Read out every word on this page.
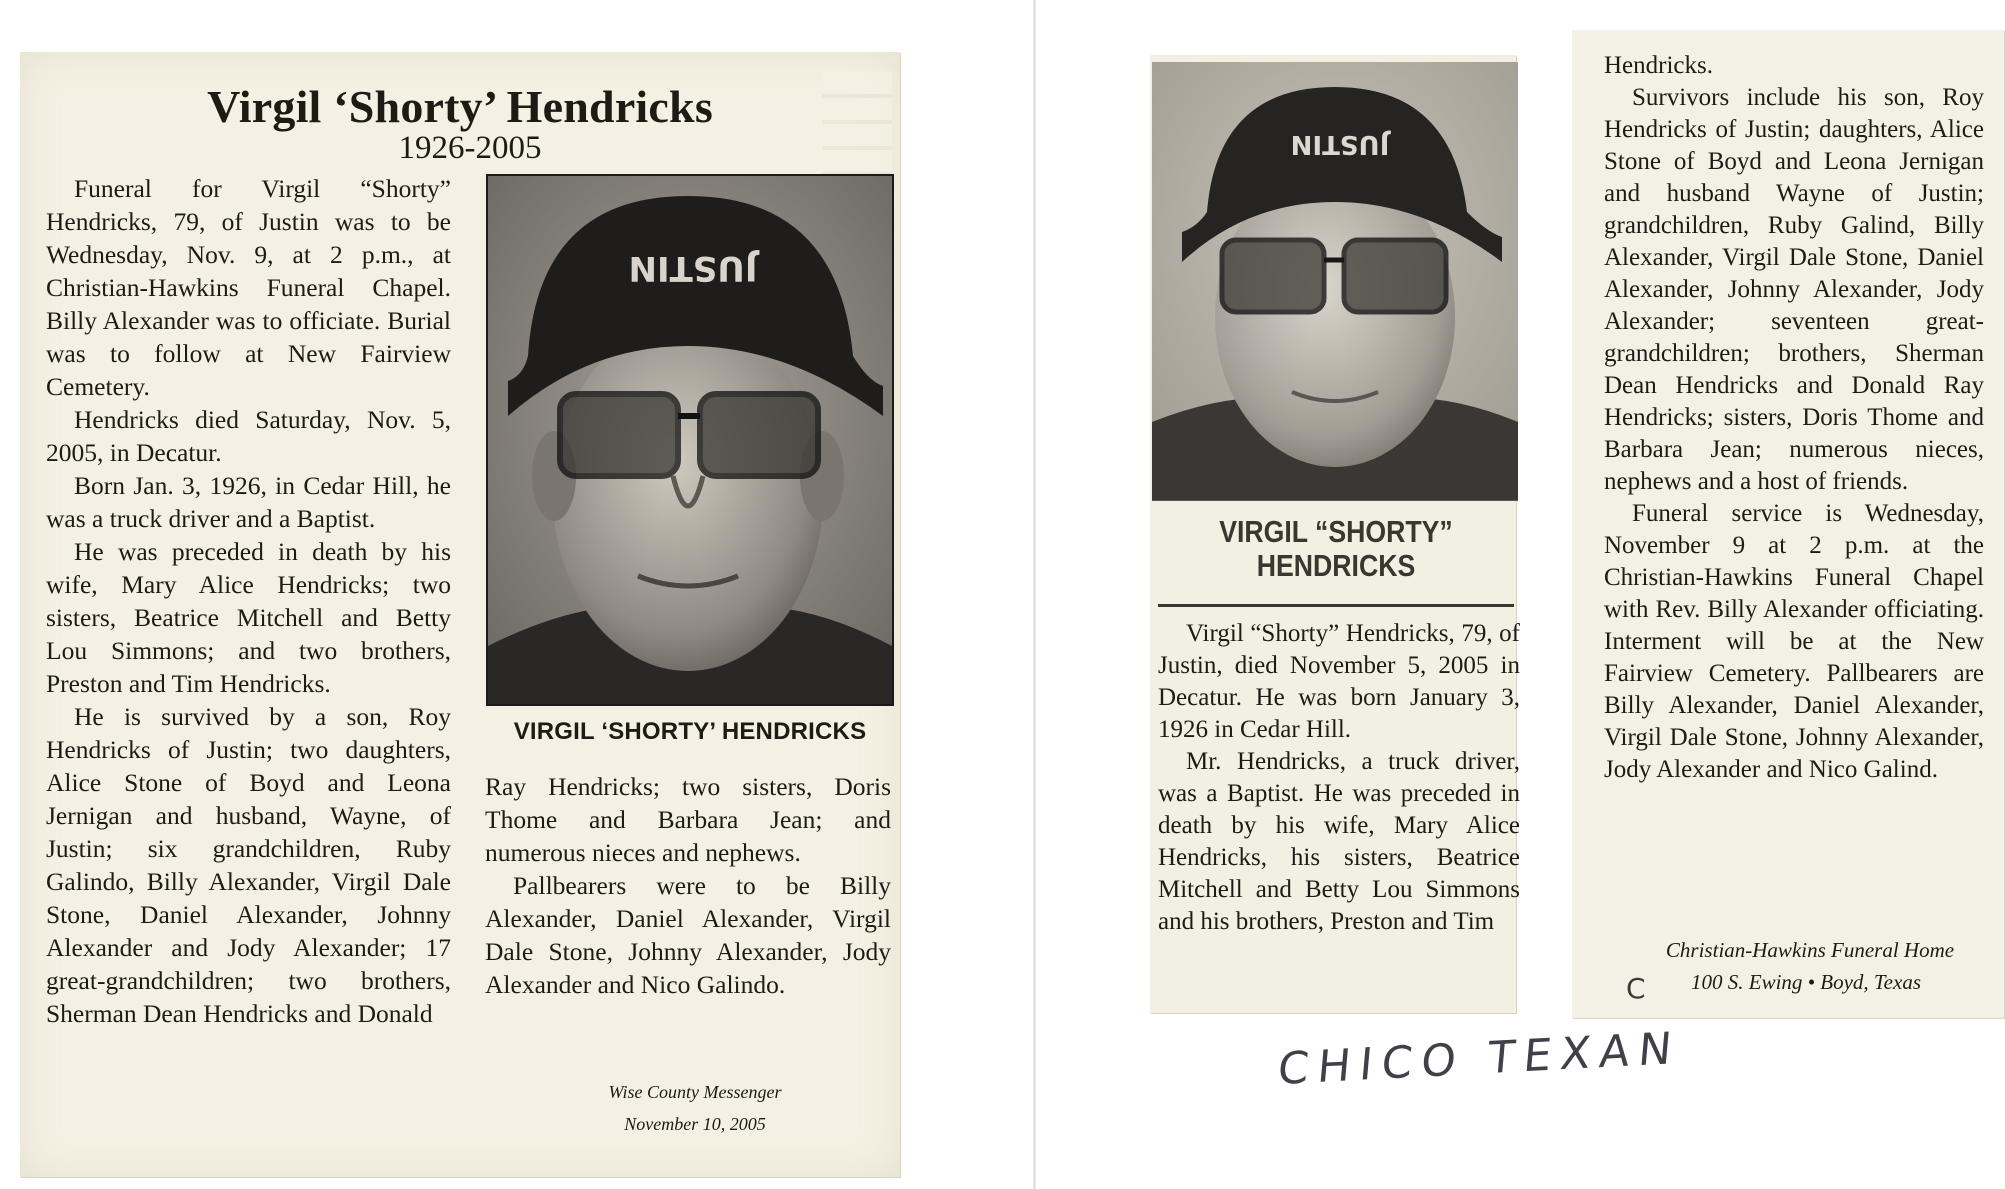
Virgil ‘Shorty’ Hendricks
1926-2005

Funeral for Virgil “Shorty” Hendricks, 79, of Justin was to be Wednesday, Nov. 9, at 2 p.m., at Christian-Hawkins Funeral Chapel. Billy Alexander was to officiate. Burial was to follow at New Fairview Cemetery.

Hendricks died Saturday, Nov. 5, 2005, in Decatur.

Born Jan. 3, 1926, in Cedar Hill, he was a truck driver and a Baptist.

He was preceded in death by his wife, Mary Alice Hendricks; two sisters, Beatrice Mitchell and Betty Lou Simmons; and two brothers, Preston and Tim Hendricks.

He is survived by a son, Roy Hendricks of Justin; two daughters, Alice Stone of Boyd and Leona Jernigan and husband, Wayne, of Justin; six grandchildren, Ruby Galindo, Billy Alexander, Virgil Dale Stone, Daniel Alexander, Johnny Alexander and Jody Alexander; 17 great-grandchildren; two brothers, Sherman Dean Hendricks and Donald

JUSTIN
VIRGIL ‘SHORTY’ HENDRICKS

Ray Hendricks; two sisters, Doris Thome and Barbara Jean; and numerous nieces and nephews.

Pallbearers were to be Billy Alexander, Daniel Alexander, Virgil Dale Stone, Johnny Alexander, Jody Alexander and Nico Galindo.

Wise County Messenger
November 10, 2005
JUSTIN
VIRGIL “SHORTY”
HENDRICKS

Virgil “Shorty” Hendricks, 79, of Justin, died November 5, 2005 in Decatur. He was born January 3, 1926 in Cedar Hill.

Mr. Hendricks, a truck driver, was a Baptist. He was preceded in death by his wife, Mary Alice Hendricks, his sisters, Beatrice Mitchell and Betty Lou Simmons and his brothers, Preston and Tim

Hendricks.

Survivors include his son, Roy Hendricks of Justin; daughters, Alice Stone of Boyd and Leona Jernigan and husband Wayne of Justin; grandchildren, Ruby Galind, Billy Alexander, Virgil Dale Stone, Daniel Alexander, Johnny Alexander, Jody Alexander; seventeen great-grandchildren; brothers, Sherman Dean Hendricks and Donald Ray Hendricks; sisters, Doris Thome and Barbara Jean; numerous nieces, nephews and a host of friends.

Funeral service is Wednesday, November 9 at 2 p.m. at the Christian-Hawkins Funeral Chapel with Rev. Billy Alexander officiating. Interment will be at the New Fairview Cemetery. Pallbearers are Billy Alexander, Daniel Alexander, Virgil Dale Stone, Johnny Alexander, Jody Alexander and Nico Galind.

Christian-Hawkins Funeral Home
C	100 S. Ewing • Boyd, Texas
CHICO TEXAN
